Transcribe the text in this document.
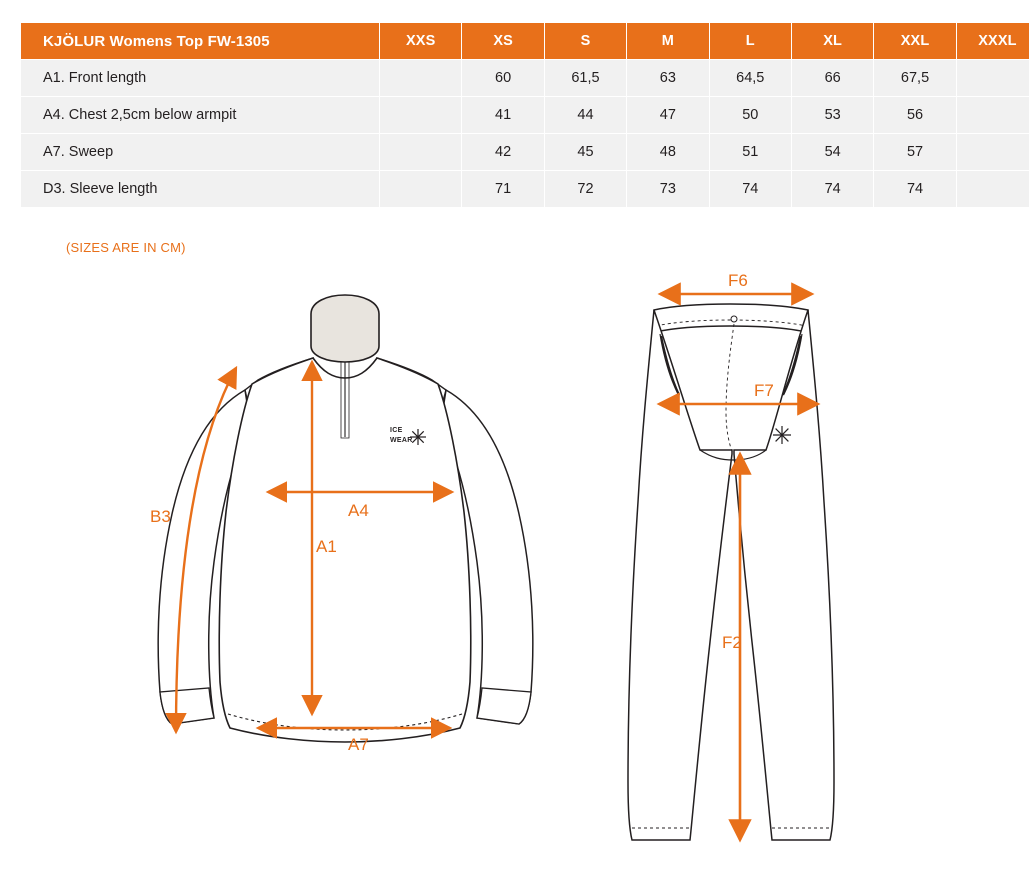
KJÖLUR Womens Top FW-1305	XXS	XS	S	M	L	XL	XXL	XXXL
A1. Front length		60	61,5	63	64,5	66	67,5	
A4. Chest 2,5cm below armpit		41	44	47	50	53	56	
A7. Sweep		42	45	48	51	54	57	
D3. Sleeve length		71	72	73	74	74	74	
(SIZES ARE IN CM)
ICE
WEAR
B3	A4
A1
A7
F6
F7
F2
